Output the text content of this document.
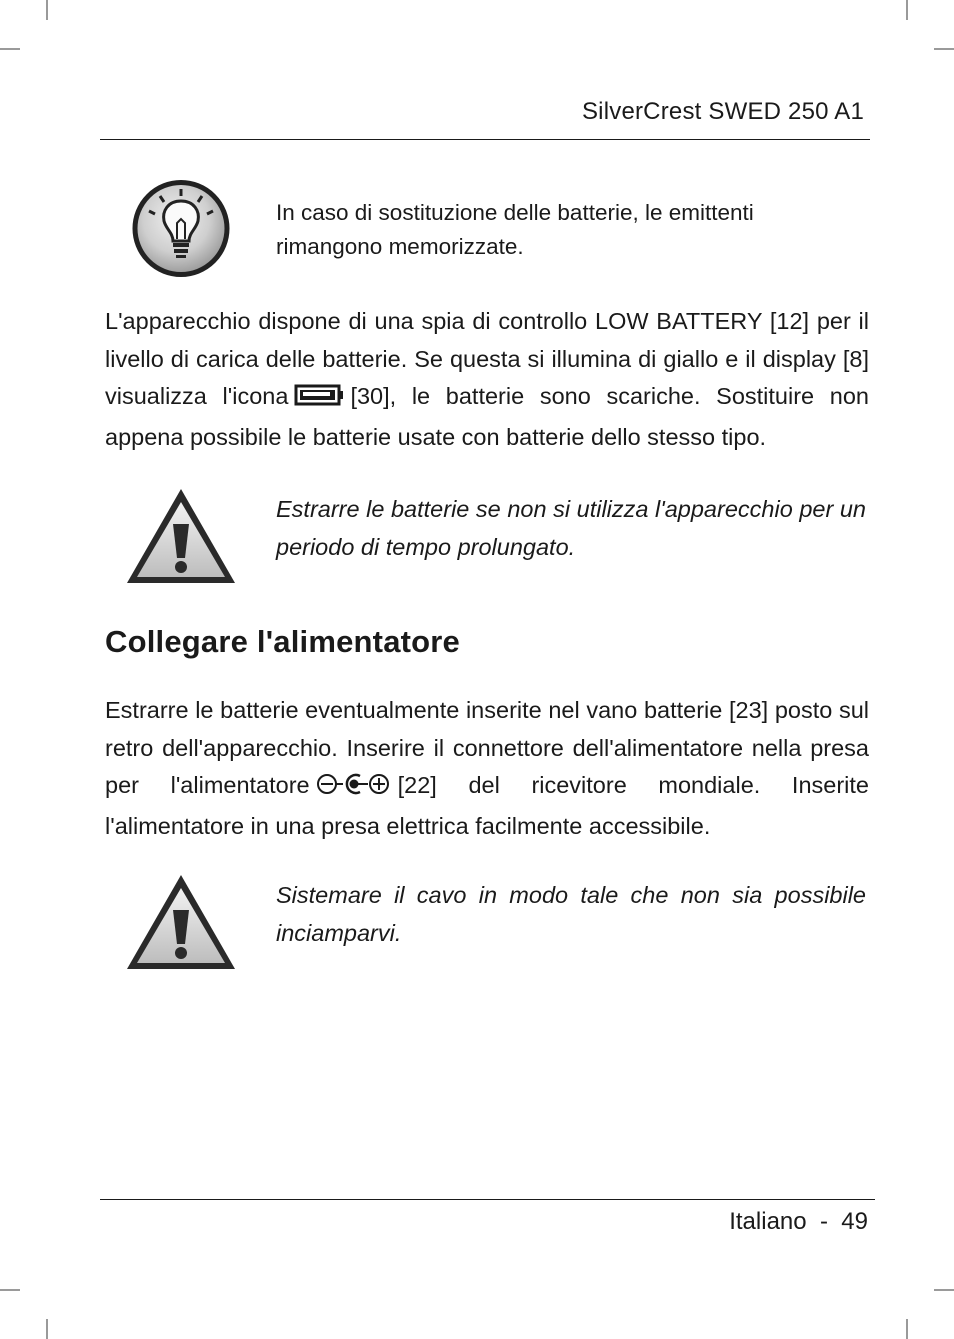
SilverCrest SWED 250 A1
In caso di sostituzione delle batterie, le emittenti rimangono memorizzate.
L'apparecchio dispone di una spia di controllo LOW BATTERY [12] per il livello di carica delle batterie. Se questa si illumina di giallo e il display [8] visualizza l'icona	[30], le batterie sono scariche. Sostituire non appena possibile le batterie usate con batterie dello stesso tipo.
Estrarre le batterie se non si utilizza l'apparecchio per un periodo di tempo prolungato.
Collegare l'alimentatore
Estrarre le batterie eventualmente inserite nel vano batterie [23] posto sul retro dell'apparecchio. Inserire il connettore dell'alimentatore nella presa per l'alimentatore	[22] del ricevitore mondiale. Inserite l'alimentatore in una presa elettrica facilmente accessibile.
Sistemare il cavo in modo tale che non sia possibile inciamparvi.
Italiano - 49
